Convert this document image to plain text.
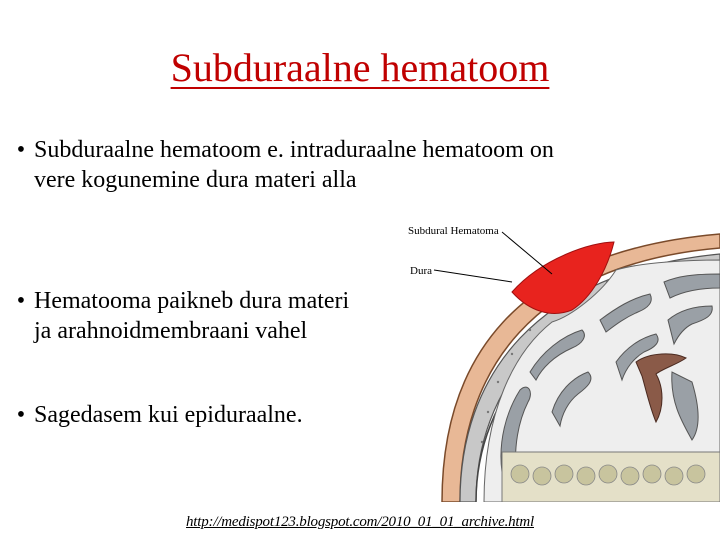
Subduraalne hematoom
• Subduraalne hematoom e. intraduraalne hematoom on
vere kogunemine dura materi alla
• Hematooma paikneb dura materi
ja arahnoidmembraani vahel
• Sagedasem kui epiduraalne.
Subdural Hematoma
Dura
http://medispot123.blogspot.com/2010_01_01_archive.html
